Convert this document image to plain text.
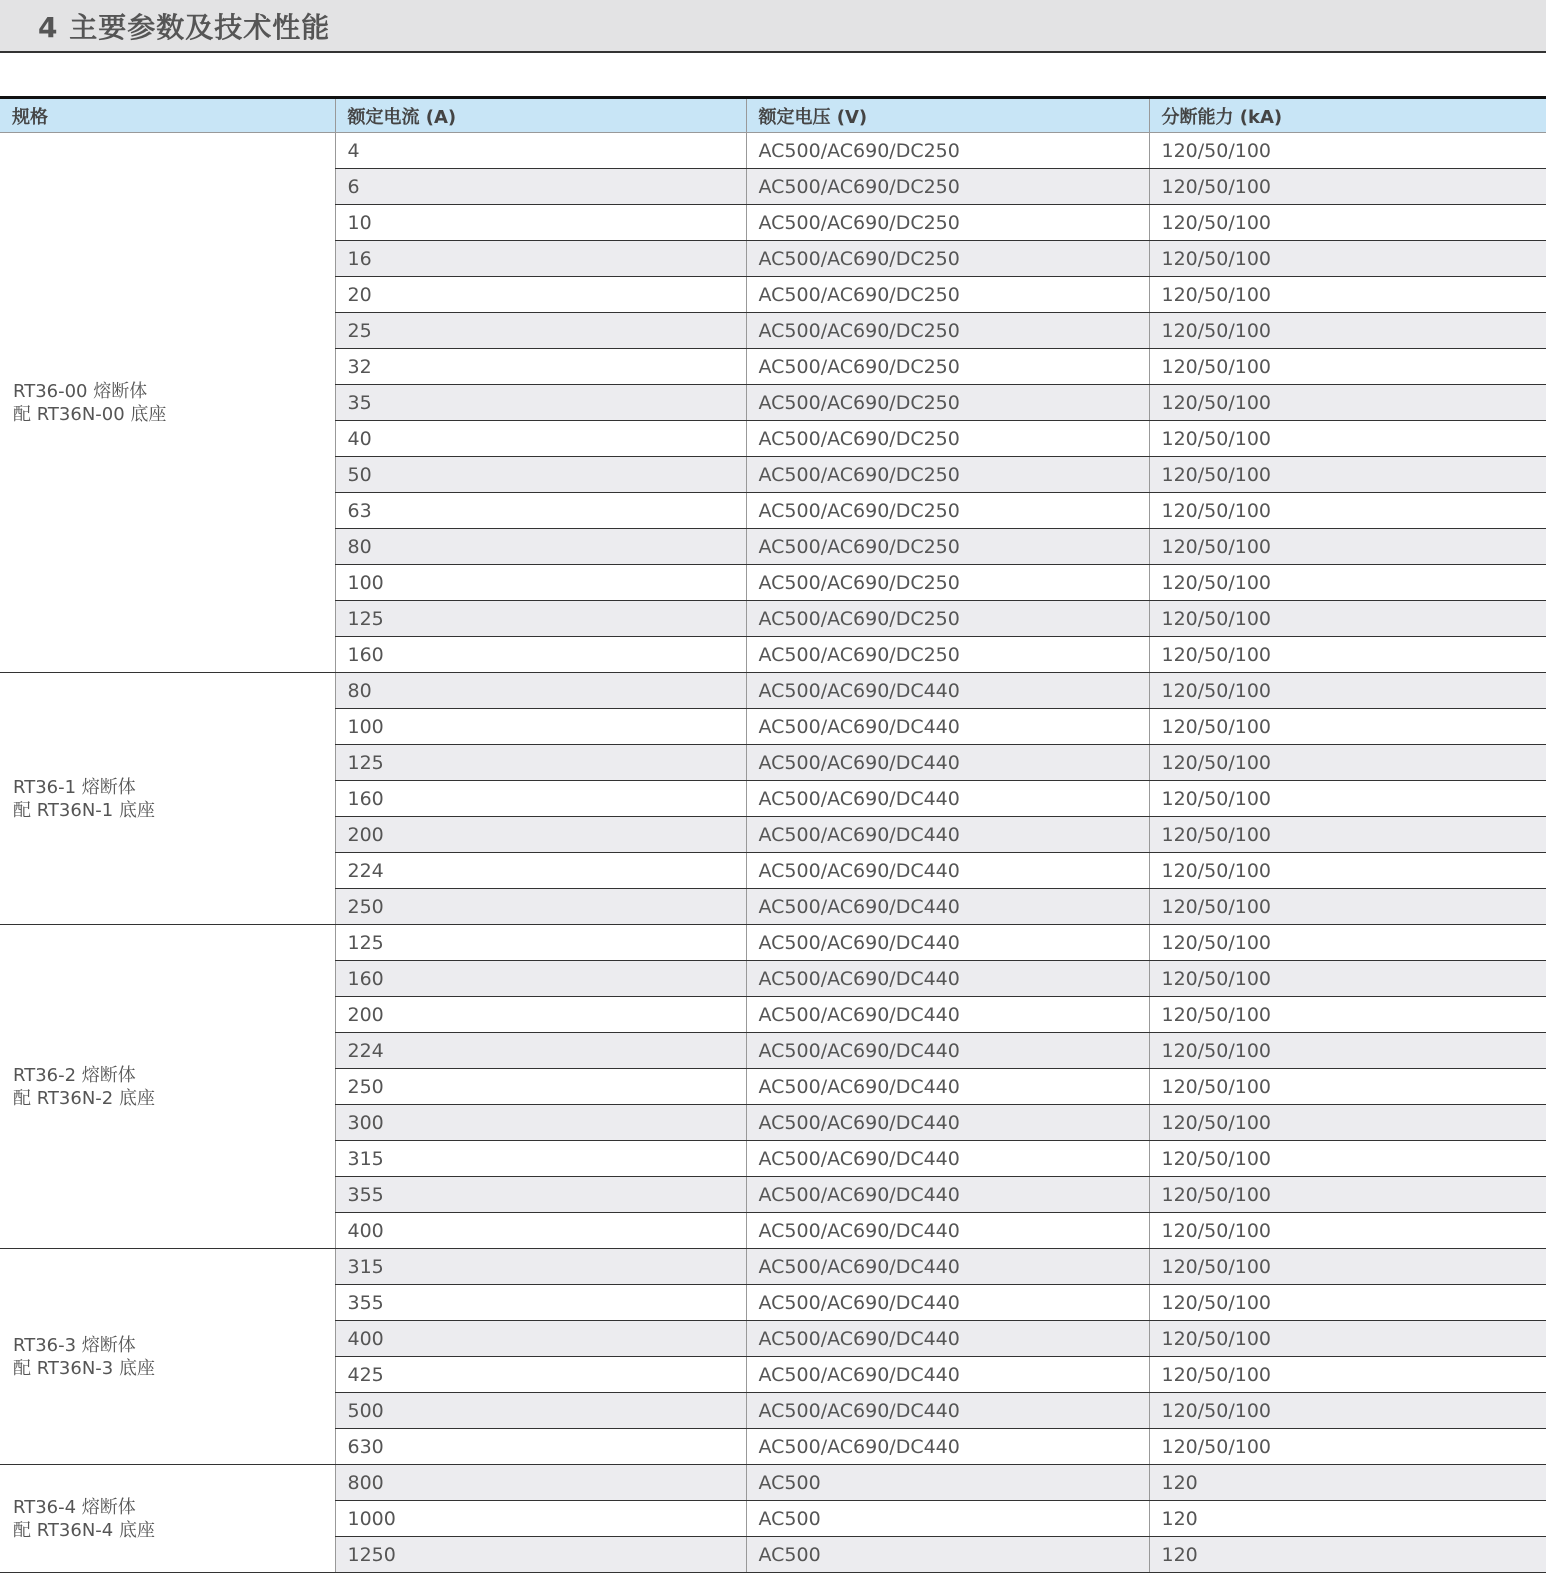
4 主要参数及技术性能
规格	额定电流 (A)	额定电压 (V)	分断能力 (kA)

RT36-00 熔断体
配 RT36N-00 底座	4	AC500/AC690/DC250	120/50/100
	6	AC500/AC690/DC250	120/50/100
	10	AC500/AC690/DC250	120/50/100
	16	AC500/AC690/DC250	120/50/100
	20	AC500/AC690/DC250	120/50/100
	25	AC500/AC690/DC250	120/50/100
	32	AC500/AC690/DC250	120/50/100
	35	AC500/AC690/DC250	120/50/100
	40	AC500/AC690/DC250	120/50/100
	50	AC500/AC690/DC250	120/50/100
	63	AC500/AC690/DC250	120/50/100
	80	AC500/AC690/DC250	120/50/100
	100	AC500/AC690/DC250	120/50/100
	125	AC500/AC690/DC250	120/50/100
	160	AC500/AC690/DC250	120/50/100

RT36-1 熔断体
配 RT36N-1 底座	80	AC500/AC690/DC440	120/50/100
	100	AC500/AC690/DC440	120/50/100
	125	AC500/AC690/DC440	120/50/100
	160	AC500/AC690/DC440	120/50/100
	200	AC500/AC690/DC440	120/50/100
	224	AC500/AC690/DC440	120/50/100
	250	AC500/AC690/DC440	120/50/100

RT36-2 熔断体
配 RT36N-2 底座	125	AC500/AC690/DC440	120/50/100
	160	AC500/AC690/DC440	120/50/100
	200	AC500/AC690/DC440	120/50/100
	224	AC500/AC690/DC440	120/50/100
	250	AC500/AC690/DC440	120/50/100
	300	AC500/AC690/DC440	120/50/100
	315	AC500/AC690/DC440	120/50/100
	355	AC500/AC690/DC440	120/50/100
	400	AC500/AC690/DC440	120/50/100

RT36-3 熔断体
配 RT36N-3 底座	315	AC500/AC690/DC440	120/50/100
	355	AC500/AC690/DC440	120/50/100
	400	AC500/AC690/DC440	120/50/100
	425	AC500/AC690/DC440	120/50/100
	500	AC500/AC690/DC440	120/50/100
	630	AC500/AC690/DC440	120/50/100

RT36-4 熔断体
配 RT36N-4 底座	800	AC500	120
	1000	AC500	120
	1250	AC500	120
